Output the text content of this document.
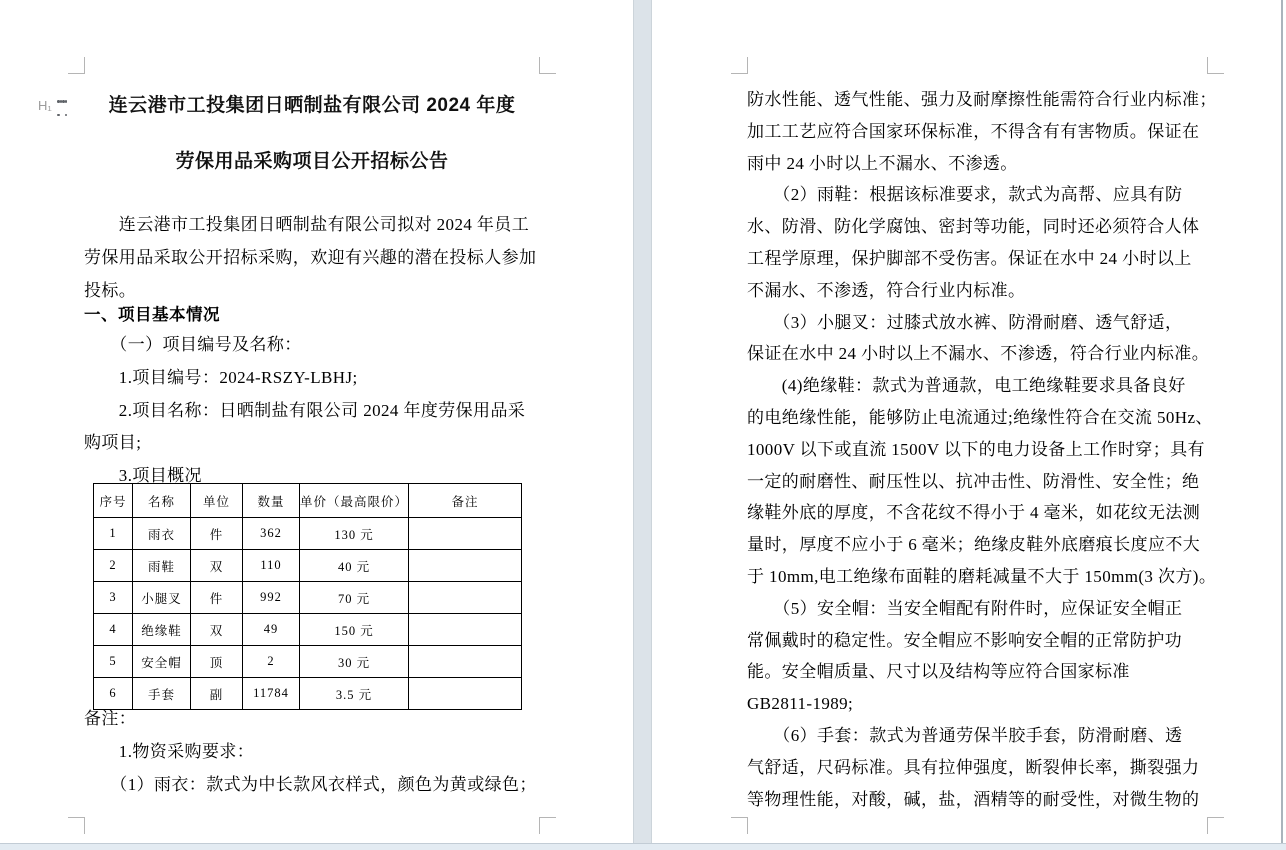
H₁	连云港市工投集团日晒制盐有限公司 2024 年度
劳保用品采购项目公开招标公告
　　连云港市工投集团日晒制盐有限公司拟对 2024 年员工
劳保用品采取公开招标采购，欢迎有兴趣的潜在投标人参加
投标。
一、项目基本情况
　　（一）项目编号及名称：
　　1.项目编号：2024-RSZY-LBHJ;
　　2.项目名称：日晒制盐有限公司 2024 年度劳保用品采
购项目;
　　3.项目概况
序号	名称	单位	数量	单价（最高限价）	备注
1	雨衣	件	362	130 元	
2	雨鞋	双	110	40 元	
3	小腿叉	件	992	70 元	
4	绝缘鞋	双	49	150 元	
5	安全帽	顶	2	30 元	
6	手套	副	11784	3.5 元	
备注：
　　1.物资采购要求：
　　（1）雨衣：款式为中长款风衣样式，颜色为黄或绿色；
防水性能、透气性能、强力及耐摩擦性能需符合行业内标准；
加工工艺应符合国家环保标准，不得含有有害物质。保证在
雨中 24 小时以上不漏水、不渗透。
　　（2）雨鞋：根据该标准要求，款式为高帮、应具有防
水、防滑、防化学腐蚀、密封等功能，同时还必须符合人体
工程学原理，保护脚部不受伤害。保证在水中 24 小时以上
不漏水、不渗透，符合行业内标准。
　　（3）小腿叉：过膝式放水裤、防滑耐磨、透气舒适，
保证在水中 24 小时以上不漏水、不渗透，符合行业内标准。
　　(4)绝缘鞋：款式为普通款，电工绝缘鞋要求具备良好
的电绝缘性能，能够防止电流通过;绝缘性符合在交流 50Hz、
1000V 以下或直流 1500V 以下的电力设备上工作时穿；具有
一定的耐磨性、耐压性以、抗冲击性、防滑性、安全性；绝
缘鞋外底的厚度，不含花纹不得小于 4 毫米，如花纹无法测
量时，厚度不应小于 6 毫米；绝缘皮鞋外底磨痕长度应不大
于 10mm,电工绝缘布面鞋的磨耗减量不大于 150mm(3 次方)。
　　（5）安全帽：当安全帽配有附件时，应保证安全帽正
常佩戴时的稳定性。安全帽应不影响安全帽的正常防护功
能。安全帽质量、尺寸以及结构等应符合国家标准
GB2811-1989;
　　（6）手套：款式为普通劳保半胶手套，防滑耐磨、透
气舒适，尺码标准。具有拉伸强度，断裂伸长率，撕裂强力
等物理性能，对酸，碱，盐，酒精等的耐受性，对微生物的
